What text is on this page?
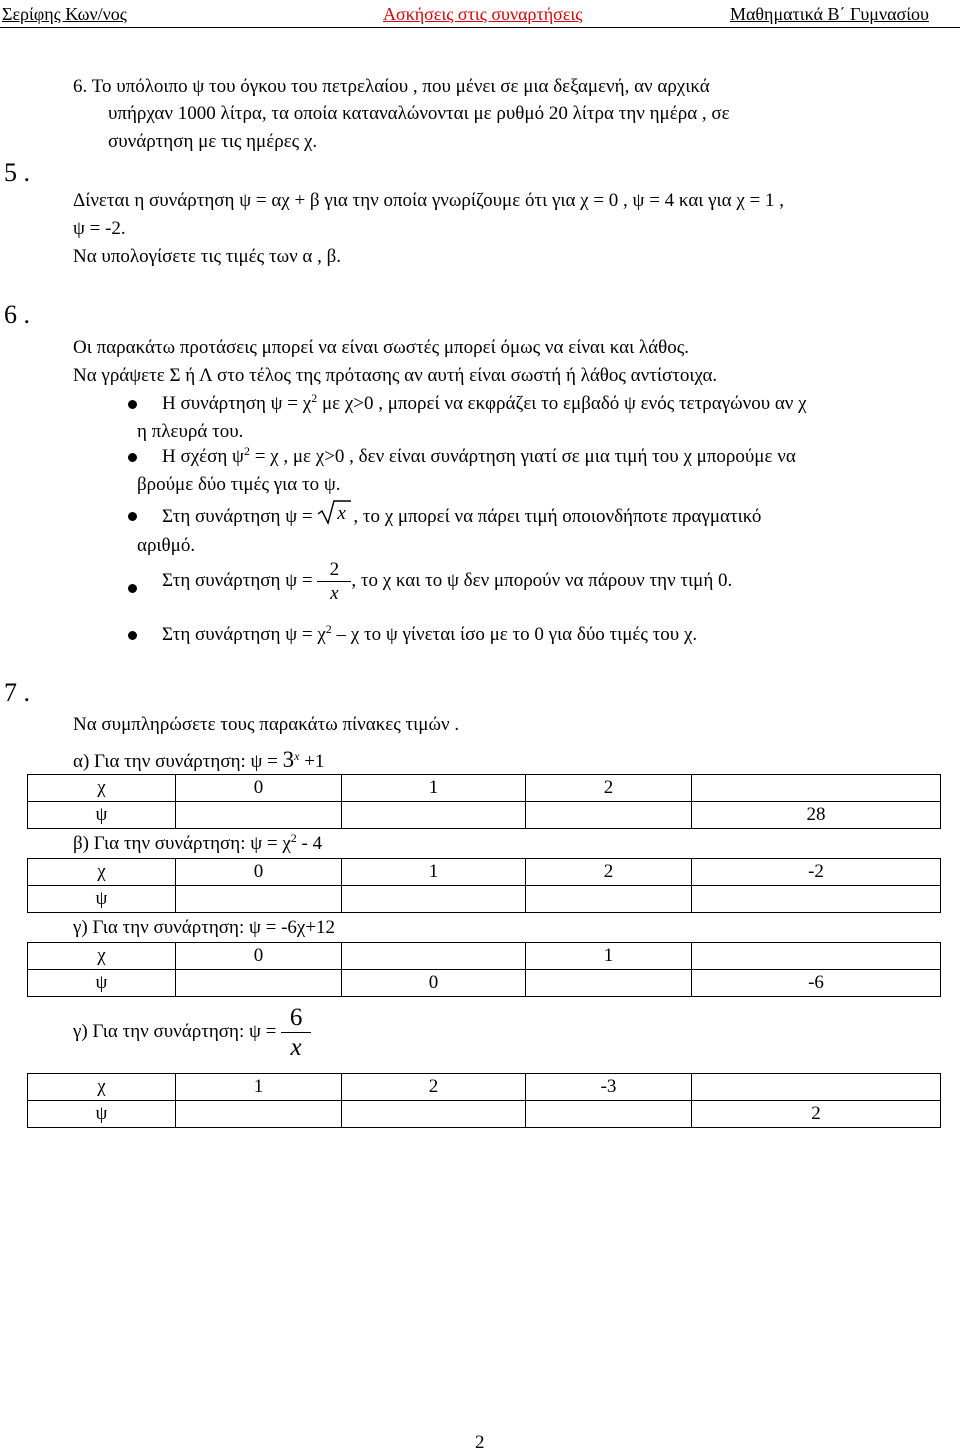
Σερίφης Κων/νος	Ασκήσεις στις συναρτήσεις	Μαθηματικά Β΄ Γυμνασίου
6. Το υπόλοιπο ψ του όγκου του πετρελαίου , που μένει σε μια δεξαμενή, αν αρχικά
υπήρχαν 1000 λίτρα, τα οποία καταναλώνονται με ρυθμό 20 λίτρα την ημέρα , σε
συνάρτηση με τις ημέρες χ.
5 .
Δίνεται η συνάρτηση ψ = αχ + β για την οποία γνωρίζουμε ότι για χ = 0 , ψ = 4 και για χ = 1 ,
ψ = -2.
Να υπολογίσετε τις τιμές των α , β.
6 .
Οι παρακάτω προτάσεις μπορεί να είναι σωστές μπορεί όμως να είναι και λάθος.
Να γράψετε Σ ή Λ στο τέλος της πρότασης αν αυτή είναι σωστή ή λάθος αντίστοιχα.
Η συνάρτηση $\psi = \chi^2$ με χ>0 , μπορεί να εκφράζει το εμβαδό ψ ενός τετραγώνου αν χ
η πλευρά του.
Η σχέση $\psi^2 = \chi$ , με χ>0 , δεν είναι συνάρτηση γιατί σε μια τιμή του χ μπορούμε να
βρούμε δύο τιμές για το ψ.
Στη συνάρτηση ψ = x , το χ μπορεί να πάρει τιμή οποιονδήποτε πραγματικό
αριθμό.
Στη συνάρτηση $\psi = \frac{2}{x}$ , το χ και το ψ δεν μπορούν να πάρουν την τιμή 0.
Στη συνάρτηση $\psi = \chi^2 - \chi$ το ψ γίνεται ίσο με το 0 για δύο τιμές του χ.
7 .
Να συμπληρώσετε τους παρακάτω πίνακες τιμών .
α) Για την συνάρτηση: $\psi = 3^x +1$
χ	0	1	2	
ψ				28
β) Για την συνάρτηση: $\psi = \chi^2 - 4$
χ	0	1	2	-2
ψ				
γ) Για την συνάρτηση: ψ = -6χ+12
χ	0		1	
ψ		0		-6
γ) Για την συνάρτηση: $\psi = \frac{6}{x}$
χ	1	2	-3	
ψ				2
2
